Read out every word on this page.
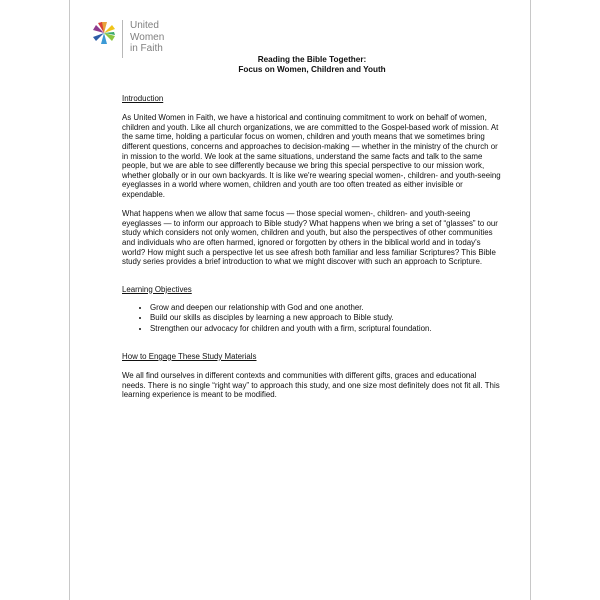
United
Women
in Faith
Reading the Bible Together:
Focus on Women, Children and Youth

Introduction

As United Women in Faith, we have a historical and continuing commitment to work on behalf of women, children and youth. Like all church organizations, we are committed to the Gospel-based work of mission. At the same time, holding a particular focus on women, children and youth means that we sometimes bring different questions, concerns and approaches to decision-making — whether in the ministry of the church or in mission to the world. We look at the same situations, understand the same facts and talk to the same people, but we are able to see differently because we bring this special perspective to our mission work, whether globally or in our own backyards. It is like we're wearing special women-, children- and youth-seeing eyeglasses in a world where women, children and youth are too often treated as either invisible or expendable.

What happens when we allow that same focus — those special women-, children- and youth-seeing eyeglasses — to inform our approach to Bible study? What happens when we bring a set of “glasses” to our study which considers not only women, children and youth, but also the perspectives of other communities and individuals who are often harmed, ignored or forgotten by others in the biblical world and in today's world? How might such a perspective let us see afresh both familiar and less familiar Scriptures? This Bible study series provides a brief introduction to what we might discover with such an approach to Scripture.

Learning Objectives

• Grow and deepen our relationship with God and one another.
• Build our skills as disciples by learning a new approach to Bible study.
• Strengthen our advocacy for children and youth with a firm, scriptural foundation.

How to Engage These Study Materials

We all find ourselves in different contexts and communities with different gifts, graces and educational needs. There is no single “right way” to approach this study, and one size most definitely does not fit all. This learning experience is meant to be modified.
